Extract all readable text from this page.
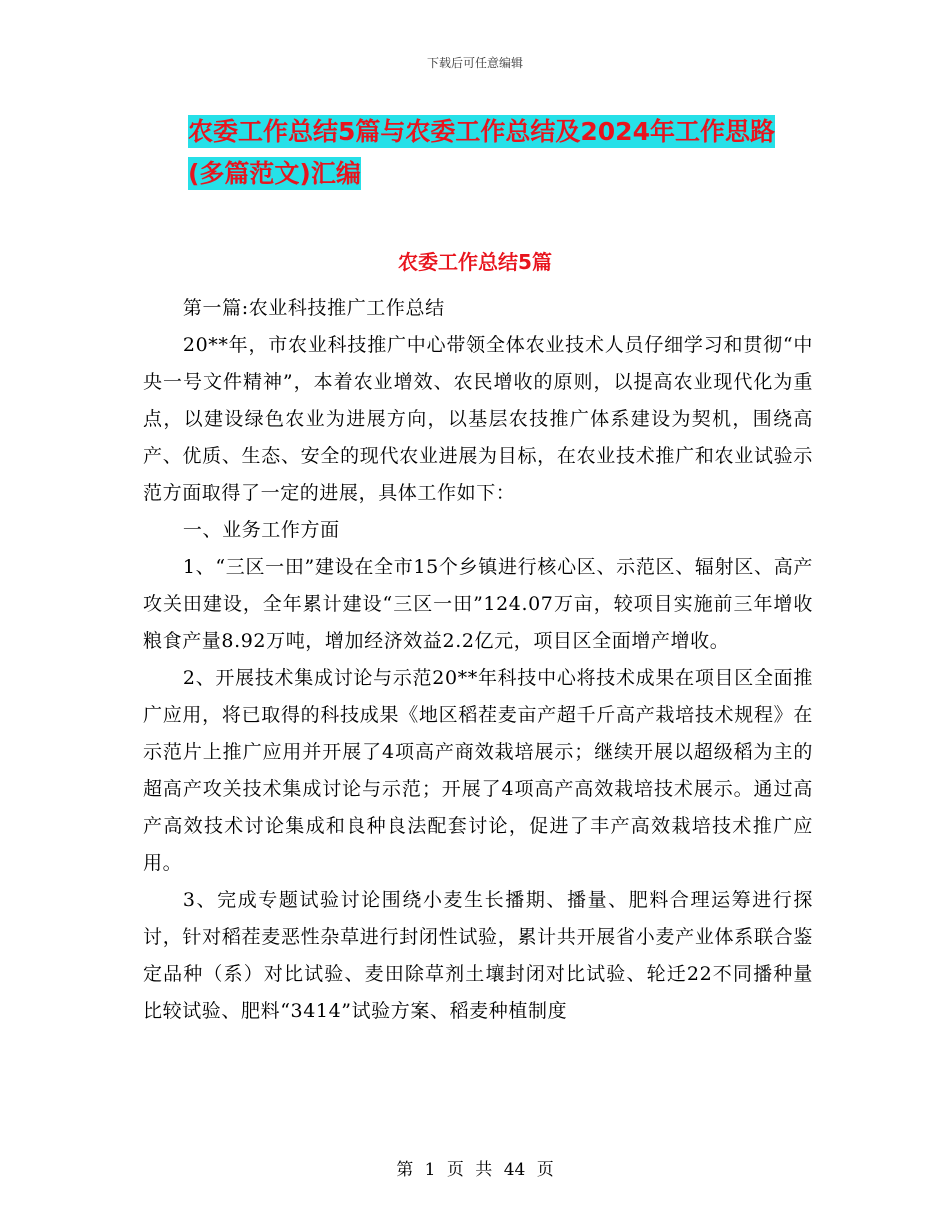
下载后可任意编辑
农委工作总结5篇与农委工作总结及2024年工作思路
(多篇范文)汇编
农委工作总结5篇

第一篇:农业科技推广工作总结

20**年，市农业科技推广中心带领全体农业技术人员仔细学习和贯彻“中央一号文件精神”，本着农业增效、农民增收的原则，以提高农业现代化为重点，以建设绿色农业为进展方向，以基层农技推广体系建设为契机，围绕高产、优质、生态、安全的现代农业进展为目标，在农业技术推广和农业试验示范方面取得了一定的进展，具体工作如下：

一、业务工作方面

1、“三区一田”建设在全市15个乡镇进行核心区、示范区、辐射区、高产攻关田建设，全年累计建设“三区一田”124.07万亩，较项目实施前三年增收粮食产量8.92万吨，增加经济效益2.2亿元，项目区全面增产增收。

2、开展技术集成讨论与示范20**年科技中心将技术成果在项目区全面推广应用，将已取得的科技成果《地区稻茬麦亩产超千斤高产栽培技术规程》在示范片上推广应用并开展了4项高产商效栽培展示；继续开展以超级稻为主的超高产攻关技术集成讨论与示范；开展了4项高产高效栽培技术展示。通过高产高效技术讨论集成和良种良法配套讨论，促进了丰产高效栽培技术推广应用。

3、完成专题试验讨论围绕小麦生长播期、播量、肥料合理运筹进行探讨，针对稻茬麦恶性杂草进行封闭性试验，累计共开展省小麦产业体系联合鉴定品种（系）对比试验、麦田除草剂土壤封闭对比试验、轮迁22不同播种量比较试验、肥料“3414”试验方案、稻麦种植制度

第 1 页 共 44 页
